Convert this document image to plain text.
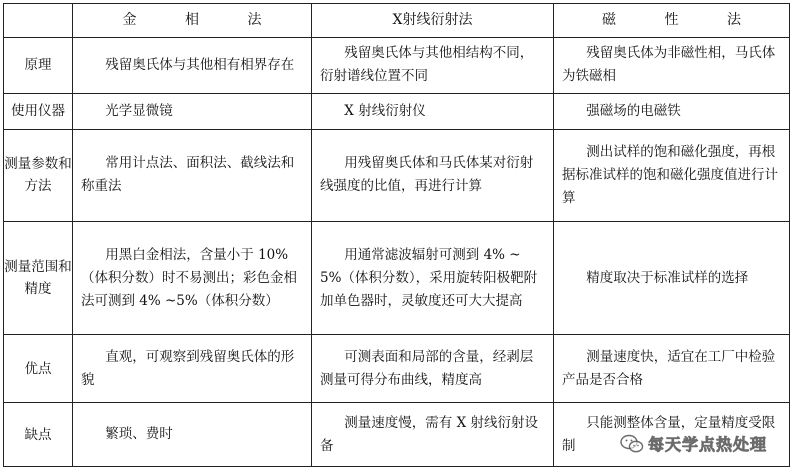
	金 相 法	X射线衍射法	磁 性 法
原理	残留奥氏体与其他相有相界存在	残留奥氏体与其他相结构不同，衍射谱线位置不同	残留奥氏体为非磁性相，马氏体为铁磁相
使用仪器	光学显微镜	X 射线衍射仪	强磁场的电磁铁
测量参数和方法	常用计点法、面积法、截线法和称重法	用残留奥氏体和马氏体某对衍射线强度的比值，再进行计算	测出试样的饱和磁化强度，再根据标准试样的饱和磁化强度值进行计算
测量范围和精度	用黑白金相法，含量小于 10%（体积分数）时不易测出；彩色金相法可测到 4% ~5%（体积分数）	用通常滤波辐射可测到 4% ~ 5%（体积分数），采用旋转阳极靶附加单色器时，灵敏度还可大大提高	精度取决于标准试样的选择
优点	直观，可观察到残留奥氏体的形貌	可测表面和局部的含量，经剥层测量可得分布曲线，精度高	测量速度快，适宜在工厂中检验产品是否合格
缺点	繁琐、费时	测量速度慢，需有 X 射线衍射设备	只能测整体含量，定量精度受限制	每天学点热处理
